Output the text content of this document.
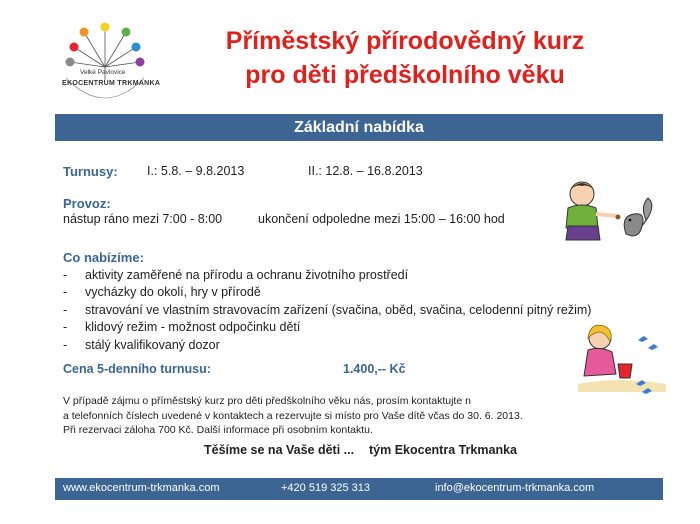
Velké Pavlovice
EKOCENTRUM TRKMANKA
Příměstský přírodovědný kurz
pro děti předškolního věku
Základní nabídka
Turnusy: I.: 5.8. – 9.8.2013	II.: 12.8. – 16.8.2013
Provoz:
nástup ráno mezi 7:00 - 8:00	ukončení odpoledne mezi 15:00 – 16:00 hod
Co nabízíme:
- aktivity zaměřené na přírodu a ochranu životního prostředí
- vycházky do okolí, hry v přírodě
- stravování ve vlastním stravovacím zařízení (svačina, oběd, svačina, celodenní pitný režim)
- klidový režim - možnost odpočinku dětí
- stálý kvalifikovaný dozor
Cena 5-denního turnusu:	1.400,-- Kč
V případě zájmu o příměstský kurz pro děti předškolního věku nás, prosím kontaktujte n
a telefonních číslech uvedené v kontaktech a rezervujte si místo pro Vaše dítě včas do 30. 6. 2013.
Při rezervaci záloha 700 Kč. Další informace při osobním kontaktu.
Těšíme se na Vaše děti ... tým Ekocentra Trkmanka
www.ekocentrum-trkmanka.com	+420 519 325 313	info@ekocentrum-trkmanka.com
